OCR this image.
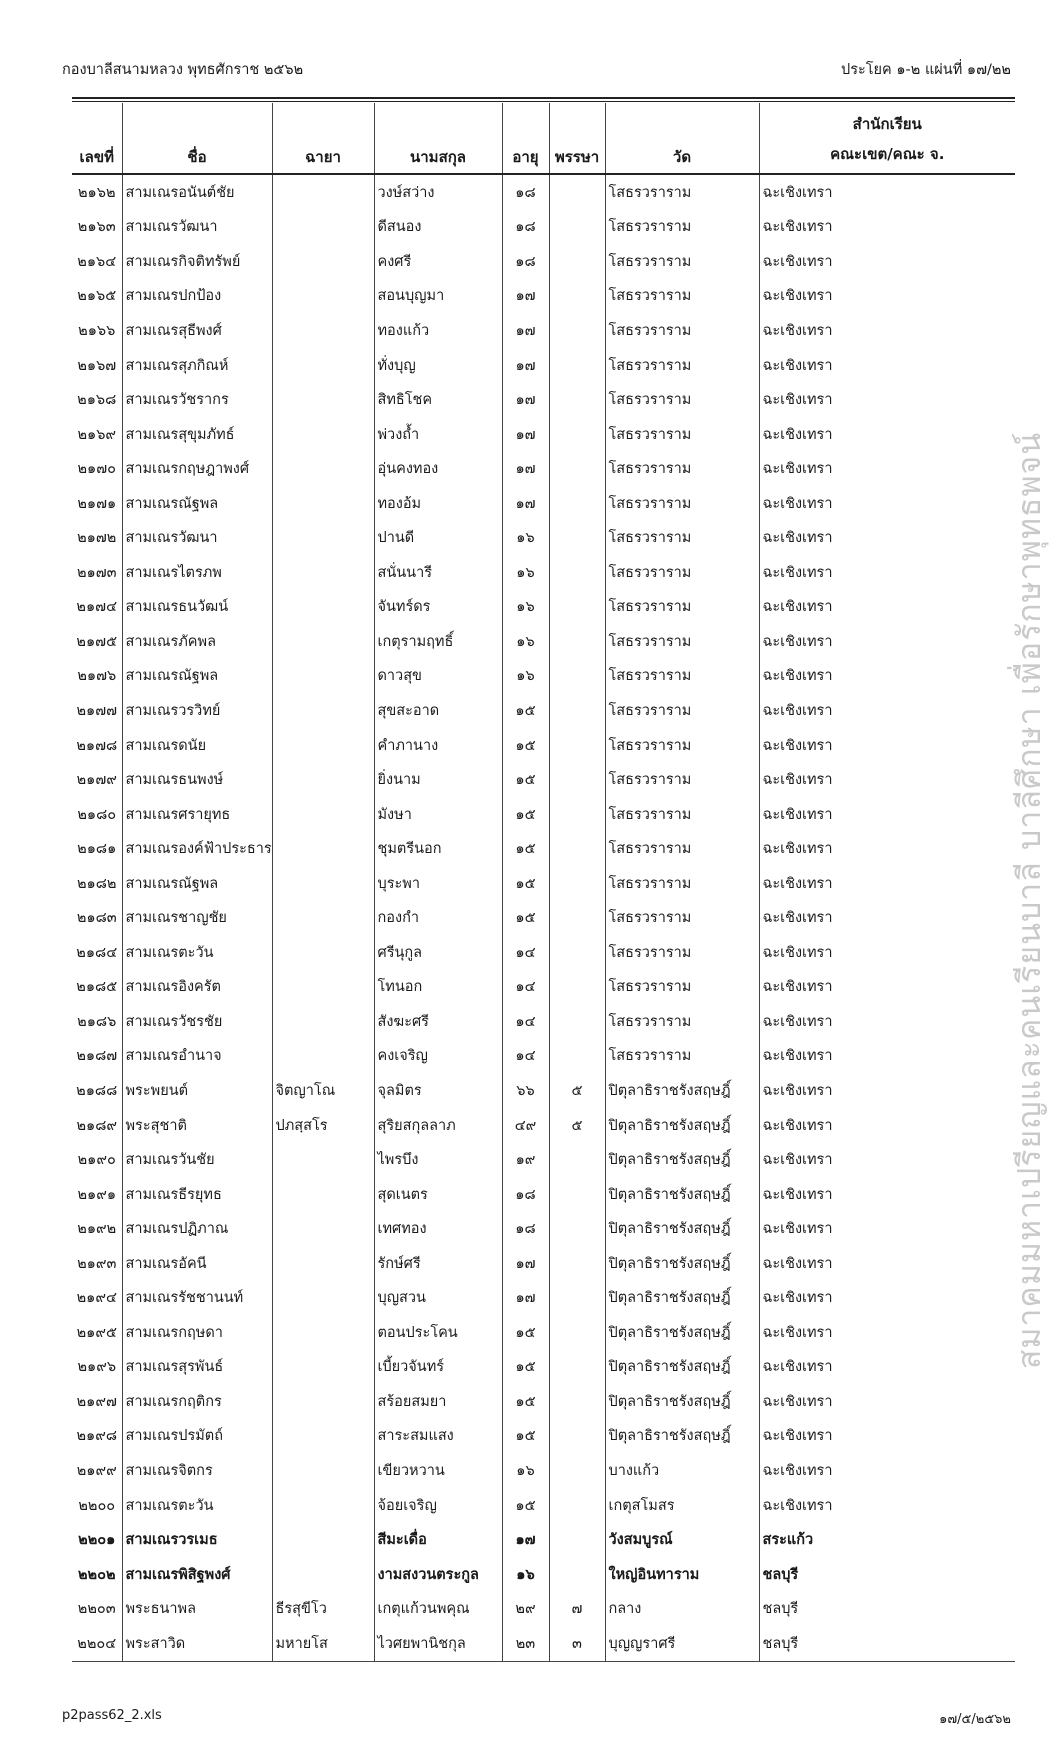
กองบาลีสนามหลวง พุทธศักราช ๒๕๖๒	ประโยค ๑-๒ แผ่นที่ ๑๗/๒๒
เลขที่	ชื่อ	ฉายา	นามสกุล	อายุ	พรรษา	วัด	สำนักเรียน
คณะเขต/คณะ จ.

๒๑๖๒	สามเณรอนันต์ชัย		วงษ์สว่าง	๑๘		โสธรวราราม	ฉะเชิงเทรา
๒๑๖๓	สามเณรวัฒนา		ดีสนอง	๑๘		โสธรวราราม	ฉะเชิงเทรา
๒๑๖๔	สามเณรกิจติทรัพย์		คงศรี	๑๘		โสธรวราราม	ฉะเชิงเทรา
๒๑๖๕	สามเณรปกป้อง		สอนบุญมา	๑๗		โสธรวราราม	ฉะเชิงเทรา
๒๑๖๖	สามเณรสุธีพงศ์		ทองแก้ว	๑๗		โสธรวราราม	ฉะเชิงเทรา
๒๑๖๗	สามเณรสุภกิณห์		ทั่งบุญ	๑๗		โสธรวราราม	ฉะเชิงเทรา
๒๑๖๘	สามเณรวัชรากร		สิทธิโชค	๑๗		โสธรวราราม	ฉะเชิงเทรา
๒๑๖๙	สามเณรสุขุมภัทธ์		พ่วงถ้ำ	๑๗		โสธรวราราม	ฉะเชิงเทรา
๒๑๗๐	สามเณรกฤษฎาพงศ์		อุ่นคงทอง	๑๗		โสธรวราราม	ฉะเชิงเทรา
๒๑๗๑	สามเณรณัฐพล		ทองอ้ม	๑๗		โสธรวราราม	ฉะเชิงเทรา
๒๑๗๒	สามเณรวัฒนา		ปานดี	๑๖		โสธรวราราม	ฉะเชิงเทรา
๒๑๗๓	สามเณรไตรภพ		สนั่นนารี	๑๖		โสธรวราราม	ฉะเชิงเทรา
๒๑๗๔	สามเณรธนวัฒน์		จันทร์ดร	๑๖		โสธรวราราม	ฉะเชิงเทรา
๒๑๗๕	สามเณรภัคพล		เกตุรามฤทธิ์	๑๖		โสธรวราราม	ฉะเชิงเทรา
๒๑๗๖	สามเณรณัฐพล		ดาวสุข	๑๖		โสธรวราราม	ฉะเชิงเทรา
๒๑๗๗	สามเณรวรวิทย์		สุขสะอาด	๑๕		โสธรวราราม	ฉะเชิงเทรา
๒๑๗๘	สามเณรดนัย		คำภานาง	๑๕		โสธรวราราม	ฉะเชิงเทรา
๒๑๗๙	สามเณรธนพงษ์		ยิ่งนาม	๑๕		โสธรวราราม	ฉะเชิงเทรา
๒๑๘๐	สามเณรศรายุทธ		มังษา	๑๕		โสธรวราราม	ฉะเชิงเทรา
๒๑๘๑	สามเณรองค์ฟ้าประธาร		ชุมตรีนอก	๑๕		โสธรวราราม	ฉะเชิงเทรา
๒๑๘๒	สามเณรณัฐพล		บุระพา	๑๕		โสธรวราราม	ฉะเชิงเทรา
๒๑๘๓	สามเณรชาญชัย		กองกำ	๑๕		โสธรวราราม	ฉะเชิงเทรา
๒๑๘๔	สามเณรตะวัน		ศรีนุกูล	๑๔		โสธรวราราม	ฉะเชิงเทรา
๒๑๘๕	สามเณรอิงครัต		โทนอก	๑๔		โสธรวราราม	ฉะเชิงเทรา
๒๑๘๖	สามเณรวัชรชัย		สังฆะศรี	๑๔		โสธรวราราม	ฉะเชิงเทรา
๒๑๘๗	สามเณรอำนาจ		คงเจริญ	๑๔		โสธรวราราม	ฉะเชิงเทรา
๒๑๘๘	พระพยนต์	จิตญาโณ	จุลมิตร	๖๖	๕	ปิตุลาธิราชรังสฤษฎิ์	ฉะเชิงเทรา
๒๑๘๙	พระสุชาติ	ปภสฺสโร	สุริยสกุลลาภ	๔๙	๕	ปิตุลาธิราชรังสฤษฎิ์	ฉะเชิงเทรา
๒๑๙๐	สามเณรวันชัย		ไพรบึง	๑๙		ปิตุลาธิราชรังสฤษฎิ์	ฉะเชิงเทรา
๒๑๙๑	สามเณรธีรยุทธ		สุดเนตร	๑๘		ปิตุลาธิราชรังสฤษฎิ์	ฉะเชิงเทรา
๒๑๙๒	สามเณรปฏิภาณ		เทศทอง	๑๘		ปิตุลาธิราชรังสฤษฎิ์	ฉะเชิงเทรา
๒๑๙๓	สามเณรอัคนี		รักษ์ศรี	๑๗		ปิตุลาธิราชรังสฤษฎิ์	ฉะเชิงเทรา
๒๑๙๔	สามเณรรัชชานนท์		บุญสวน	๑๗		ปิตุลาธิราชรังสฤษฎิ์	ฉะเชิงเทรา
๒๑๙๕	สามเณรกฤษดา		ตอนประโคน	๑๕		ปิตุลาธิราชรังสฤษฎิ์	ฉะเชิงเทรา
๒๑๙๖	สามเณรสุรพันธ์		เบี้ยวจันทร์	๑๕		ปิตุลาธิราชรังสฤษฎิ์	ฉะเชิงเทรา
๒๑๙๗	สามเณรกฤติกร		สร้อยสมยา	๑๕		ปิตุลาธิราชรังสฤษฎิ์	ฉะเชิงเทรา
๒๑๙๘	สามเณรปรมัตถ์		สาระสมแสง	๑๕		ปิตุลาธิราชรังสฤษฎิ์	ฉะเชิงเทรา
๒๑๙๙	สามเณรจิตกร		เขียวหวาน	๑๖		บางแก้ว	ฉะเชิงเทรา
๒๒๐๐	สามเณรตะวัน		จ้อยเจริญ	๑๕		เกตุสโมสร	ฉะเชิงเทรา
๒๒๐๑	สามเณรวรเมธ		สีมะเดื่อ	๑๗		วังสมบูรณ์	สระแก้ว
๒๒๐๒	สามเณรพิสิฐพงศ์		งามสงวนตระกูล	๑๖		ใหญ่อินทาราม	ชลบุรี
๒๒๐๓	พระธนาพล	ธีรสุขีโว	เกตุแก้วนพคุณ	๒๙	๗	กลาง	ชลบุรี
๒๒๐๔	พระสาวิด	มหายโส	ไวศยพานิชกุล	๒๓	๓	บุญญราศรี	ชลบุรี
สมาคมมหาเปรียญและคนเรียนบาลี บาลีศึกษา เพื่อรักษาพุทธพจน์
p2pass62_2.xls	๑๗/๕/๒๕๖๒
